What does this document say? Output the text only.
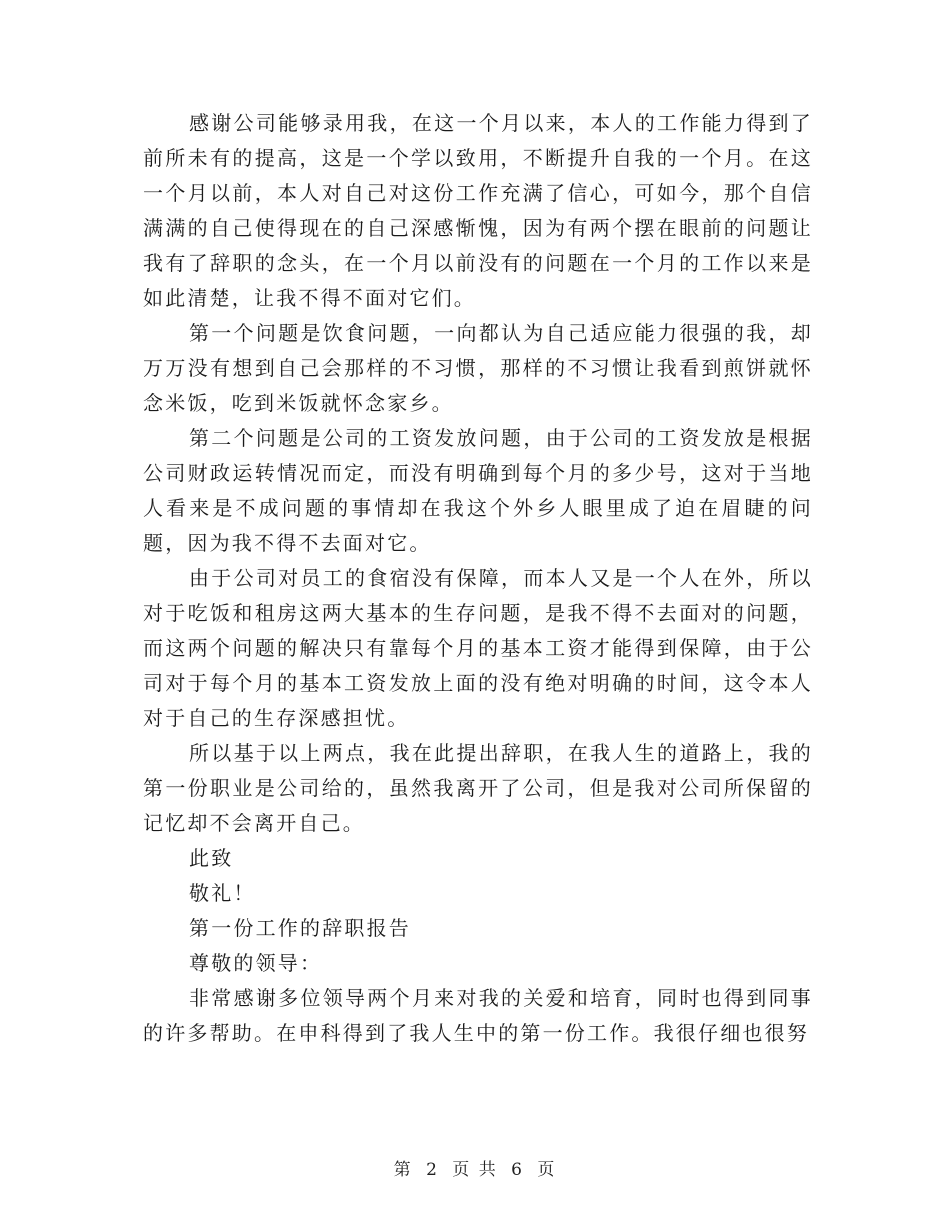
感谢公司能够录用我，在这一个月以来，本人的工作能力得到了前所未有的提高，这是一个学以致用，不断提升自我的一个月。在这一个月以前，本人对自己对这份工作充满了信心，可如今，那个自信满满的自己使得现在的自己深感惭愧，因为有两个摆在眼前的问题让我有了辞职的念头，在一个月以前没有的问题在一个月的工作以来是如此清楚，让我不得不面对它们。

第一个问题是饮食问题，一向都认为自己适应能力很强的我，却万万没有想到自己会那样的不习惯，那样的不习惯让我看到煎饼就怀念米饭，吃到米饭就怀念家乡。

第二个问题是公司的工资发放问题，由于公司的工资发放是根据公司财政运转情况而定，而没有明确到每个月的多少号，这对于当地人看来是不成问题的事情却在我这个外乡人眼里成了迫在眉睫的问题，因为我不得不去面对它。

由于公司对员工的食宿没有保障，而本人又是一个人在外，所以对于吃饭和租房这两大基本的生存问题，是我不得不去面对的问题，而这两个问题的解决只有靠每个月的基本工资才能得到保障，由于公司对于每个月的基本工资发放上面的没有绝对明确的时间，这令本人对于自己的生存深感担忧。

所以基于以上两点，我在此提出辞职，在我人生的道路上，我的第一份职业是公司给的，虽然我离开了公司，但是我对公司所保留的记忆却不会离开自己。

此致

敬礼！

第一份工作的辞职报告

尊敬的领导：

非常感谢多位领导两个月来对我的关爱和培育，同时也得到同事的许多帮助。在申科得到了我人生中的第一份工作。我很仔细也很努

第 2 页 共 6 页
